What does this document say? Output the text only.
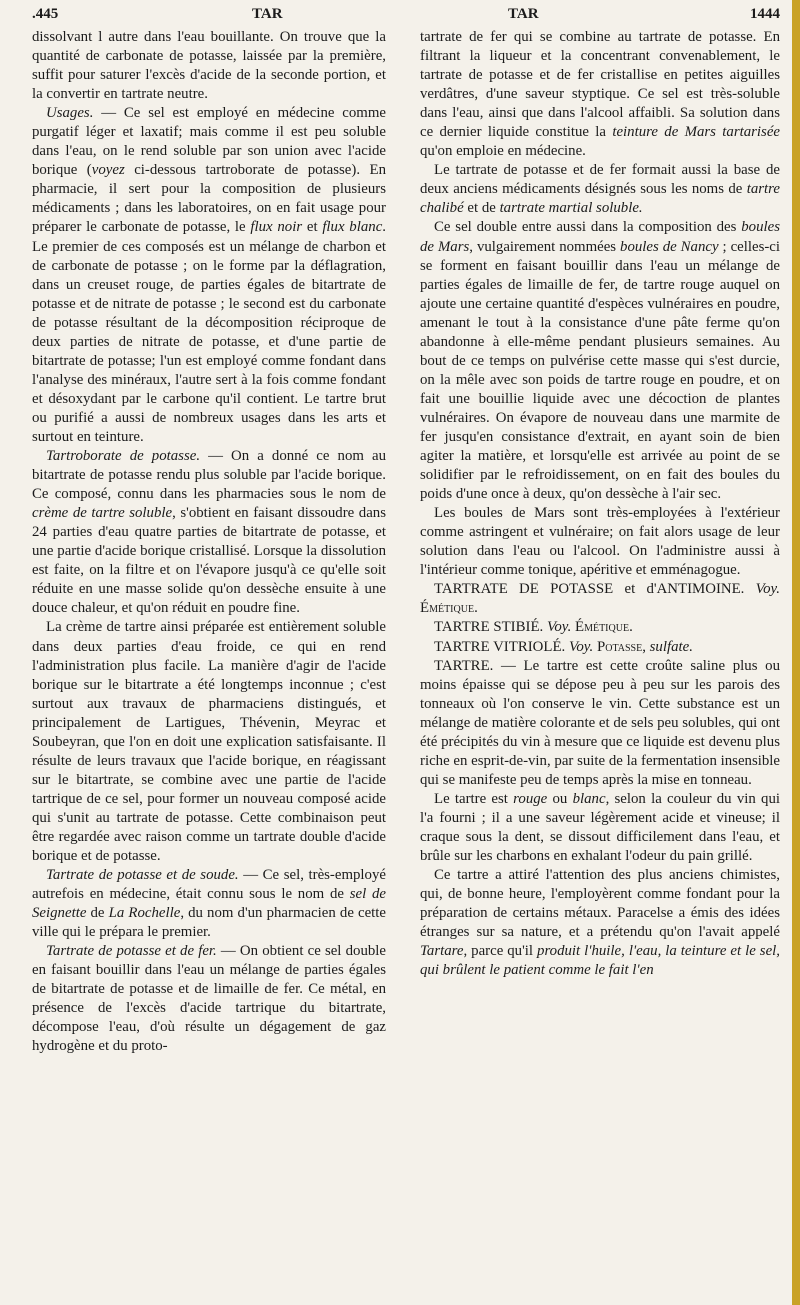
.445	TAR	TAR	1444

dissolvant l autre dans l'eau bouillante. On trouve que la quantité de carbonate de potasse, laissée par la première, suffit pour saturer l'excès d'acide de la seconde portion, et la convertir en tartrate neutre.

Usages. — Ce sel est employé en médecine comme purgatif léger et laxatif; mais comme il est peu soluble dans l'eau, on le rend soluble par son union avec l'acide borique (voyez ci-dessous tartroborate de potasse). En pharmacie, il sert pour la composition de plusieurs médicaments ; dans les laboratoires, on en fait usage pour préparer le carbonate de potasse, le flux noir et flux blanc. Le premier de ces composés est un mélange de charbon et de carbonate de potasse ; on le forme par la déflagration, dans un creuset rouge, de parties égales de bitartrate de potasse et de nitrate de potasse ; le second est du carbonate de potasse résultant de la décomposition réciproque de deux parties de nitrate de potasse, et d'une partie de bitartrate de potasse; l'un est employé comme fondant dans l'analyse des minéraux, l'autre sert à la fois comme fondant et désoxydant par le carbone qu'il contient. Le tartre brut ou purifié a aussi de nombreux usages dans les arts et surtout en teinture.

Tartroborate de potasse. — On a donné ce nom au bitartrate de potasse rendu plus soluble par l'acide borique. Ce composé, connu dans les pharmacies sous le nom de crème de tartre soluble, s'obtient en faisant dissoudre dans 24 parties d'eau quatre parties de bitartrate de potasse, et une partie d'acide borique cristallisé. Lorsque la dissolution est faite, on la filtre et on l'évapore jusqu'à ce qu'elle soit réduite en une masse solide qu'on dessèche ensuite à une douce chaleur, et qu'on réduit en poudre fine.

La crème de tartre ainsi préparée est entièrement soluble dans deux parties d'eau froide, ce qui en rend l'administration plus facile. La manière d'agir de l'acide borique sur le bitartrate a été longtemps inconnue ; c'est surtout aux travaux de pharmaciens distingués, et principalement de Lartigues, Thévenin, Meyrac et Soubeyran, que l'on en doit une explication satisfaisante. Il résulte de leurs travaux que l'acide borique, en réagissant sur le bitartrate, se combine avec une partie de l'acide tartrique de ce sel, pour former un nouveau composé acide qui s'unit au tartrate de potasse. Cette combinaison peut être regardée avec raison comme un tartrate double d'acide borique et de potasse.

Tartrate de potasse et de soude. — Ce sel, très-employé autrefois en médecine, était connu sous le nom de sel de Seignette de La Rochelle, du nom d'un pharmacien de cette ville qui le prépara le premier.

Tartrate de potasse et de fer. — On obtient ce sel double en faisant bouillir dans l'eau un mélange de parties égales de bitartrate de potasse et de limaille de fer. Ce métal, en présence de l'excès d'acide tartrique du bitartrate, décompose l'eau, d'où résulte un dégagement de gaz hydrogène et du proto-

tartrate de fer qui se combine au tartrate de potasse. En filtrant la liqueur et la concentrant convenablement, le tartrate de potasse et de fer cristallise en petites aiguilles verdâtres, d'une saveur styptique. Ce sel est très-soluble dans l'eau, ainsi que dans l'alcool affaibli. Sa solution dans ce dernier liquide constitue la teinture de Mars tartarisée qu'on emploie en médecine.

Le tartrate de potasse et de fer formait aussi la base de deux anciens médicaments désignés sous les noms de tartre chalibé et de tartrate martial soluble.

Ce sel double entre aussi dans la composition des boules de Mars, vulgairement nommées boules de Nancy ; celles-ci se forment en faisant bouillir dans l'eau un mélange de parties égales de limaille de fer, de tartre rouge auquel on ajoute une certaine quantité d'espèces vulnéraires en poudre, amenant le tout à la consistance d'une pâte ferme qu'on abandonne à elle-même pendant plusieurs semaines. Au bout de ce temps on pulvérise cette masse qui s'est durcie, on la mêle avec son poids de tartre rouge en poudre, et on fait une bouillie liquide avec une décoction de plantes vulnéraires. On évapore de nouveau dans une marmite de fer jusqu'en consistance d'extrait, en ayant soin de bien agiter la matière, et lorsqu'elle est arrivée au point de se solidifier par le refroidissement, on en fait des boules du poids d'une once à deux, qu'on dessèche à l'air sec.

Les boules de Mars sont très-employées à l'extérieur comme astringent et vulnéraire; on fait alors usage de leur solution dans l'eau ou l'alcool. On l'administre aussi à l'intérieur comme tonique, apéritive et emménagogue.

TARTRATE DE POTASSE et d'ANTIMOINE. Voy. Émétique.

TARTRE STIBIÉ. Voy. Émétique.

TARTRE VITRIOLÉ. Voy. Potasse, sulfate.

TARTRE. — Le tartre est cette croûte saline plus ou moins épaisse qui se dépose peu à peu sur les parois des tonneaux où l'on conserve le vin. Cette substance est un mélange de matière colorante et de sels peu solubles, qui ont été précipités du vin à mesure que ce liquide est devenu plus riche en esprit-de-vin, par suite de la fermentation insensible qui se manifeste peu de temps après la mise en tonneau.

Le tartre est rouge ou blanc, selon la couleur du vin qui l'a fourni ; il a une saveur légèrement acide et vineuse; il craque sous la dent, se dissout difficilement dans l'eau, et brûle sur les charbons en exhalant l'odeur du pain grillé.

Ce tartre a attiré l'attention des plus anciens chimistes, qui, de bonne heure, l'employèrent comme fondant pour la préparation de certains métaux. Paracelse a émis des idées étranges sur sa nature, et a prétendu qu'on l'avait appelé Tartare, parce qu'il produit l'huile, l'eau, la teinture et le sel, qui brûlent le patient comme le fait l'en
